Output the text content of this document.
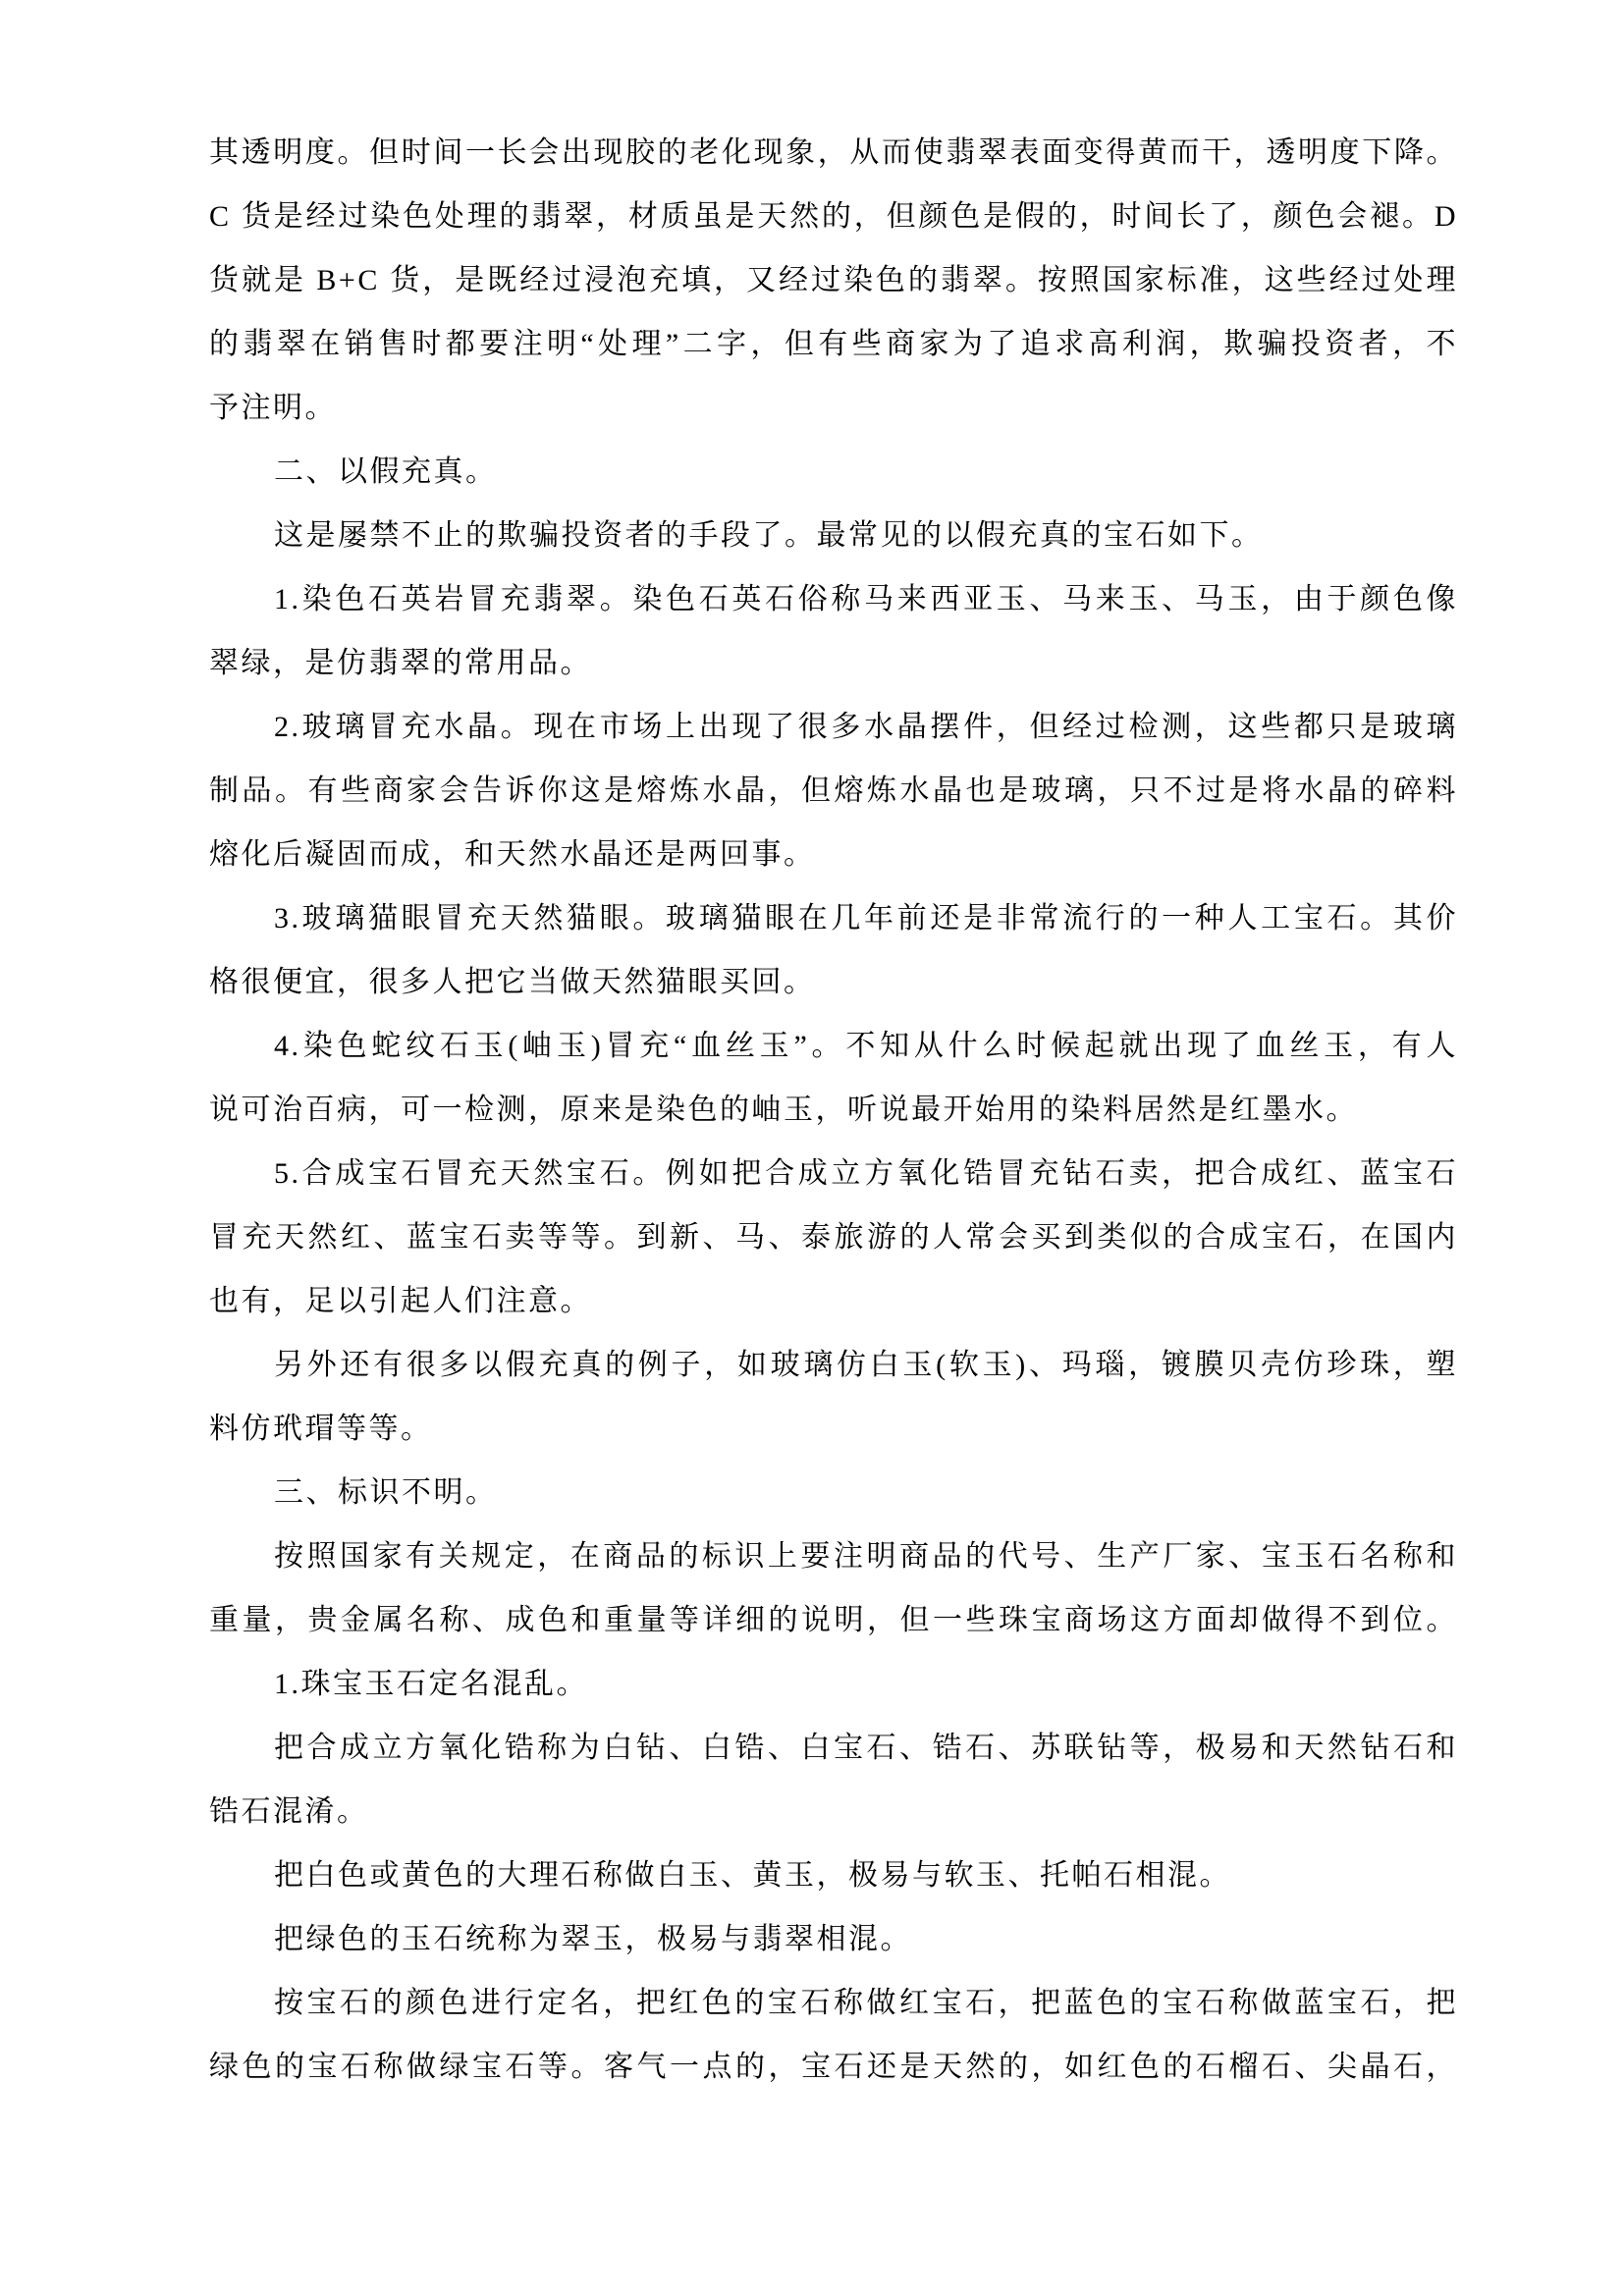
其透明度。但时间一长会出现胶的老化现象，从而使翡翠表面变得黄而干，透明度下降。
C 货是经过染色处理的翡翠，材质虽是天然的，但颜色是假的，时间长了，颜色会褪。D
货就是 B+C 货，是既经过浸泡充填，又经过染色的翡翠。按照国家标准，这些经过处理
的翡翠在销售时都要注明“处理”二字，但有些商家为了追求高利润，欺骗投资者，不
予注明。
二、以假充真。
这是屡禁不止的欺骗投资者的手段了。最常见的以假充真的宝石如下。
1.染色石英岩冒充翡翠。染色石英石俗称马来西亚玉、马来玉、马玉，由于颜色像
翠绿，是仿翡翠的常用品。
2.玻璃冒充水晶。现在市场上出现了很多水晶摆件，但经过检测，这些都只是玻璃
制品。有些商家会告诉你这是熔炼水晶，但熔炼水晶也是玻璃，只不过是将水晶的碎料
熔化后凝固而成，和天然水晶还是两回事。
3.玻璃猫眼冒充天然猫眼。玻璃猫眼在几年前还是非常流行的一种人工宝石。其价
格很便宜，很多人把它当做天然猫眼买回。
4.染色蛇纹石玉(岫玉)冒充“血丝玉”。不知从什么时候起就出现了血丝玉，有人
说可治百病，可一检测，原来是染色的岫玉，听说最开始用的染料居然是红墨水。
5.合成宝石冒充天然宝石。例如把合成立方氧化锆冒充钻石卖，把合成红、蓝宝石
冒充天然红、蓝宝石卖等等。到新、马、泰旅游的人常会买到类似的合成宝石，在国内
也有，足以引起人们注意。
另外还有很多以假充真的例子，如玻璃仿白玉(软玉)、玛瑙，镀膜贝壳仿珍珠，塑
料仿玳瑁等等。
三、标识不明。
按照国家有关规定，在商品的标识上要注明商品的代号、生产厂家、宝玉石名称和
重量，贵金属名称、成色和重量等详细的说明，但一些珠宝商场这方面却做得不到位。
1.珠宝玉石定名混乱。
把合成立方氧化锆称为白钻、白锆、白宝石、锆石、苏联钻等，极易和天然钻石和
锆石混淆。
把白色或黄色的大理石称做白玉、黄玉，极易与软玉、托帕石相混。
把绿色的玉石统称为翠玉，极易与翡翠相混。
按宝石的颜色进行定名，把红色的宝石称做红宝石，把蓝色的宝石称做蓝宝石，把
绿色的宝石称做绿宝石等。客气一点的，宝石还是天然的，如红色的石榴石、尖晶石，
